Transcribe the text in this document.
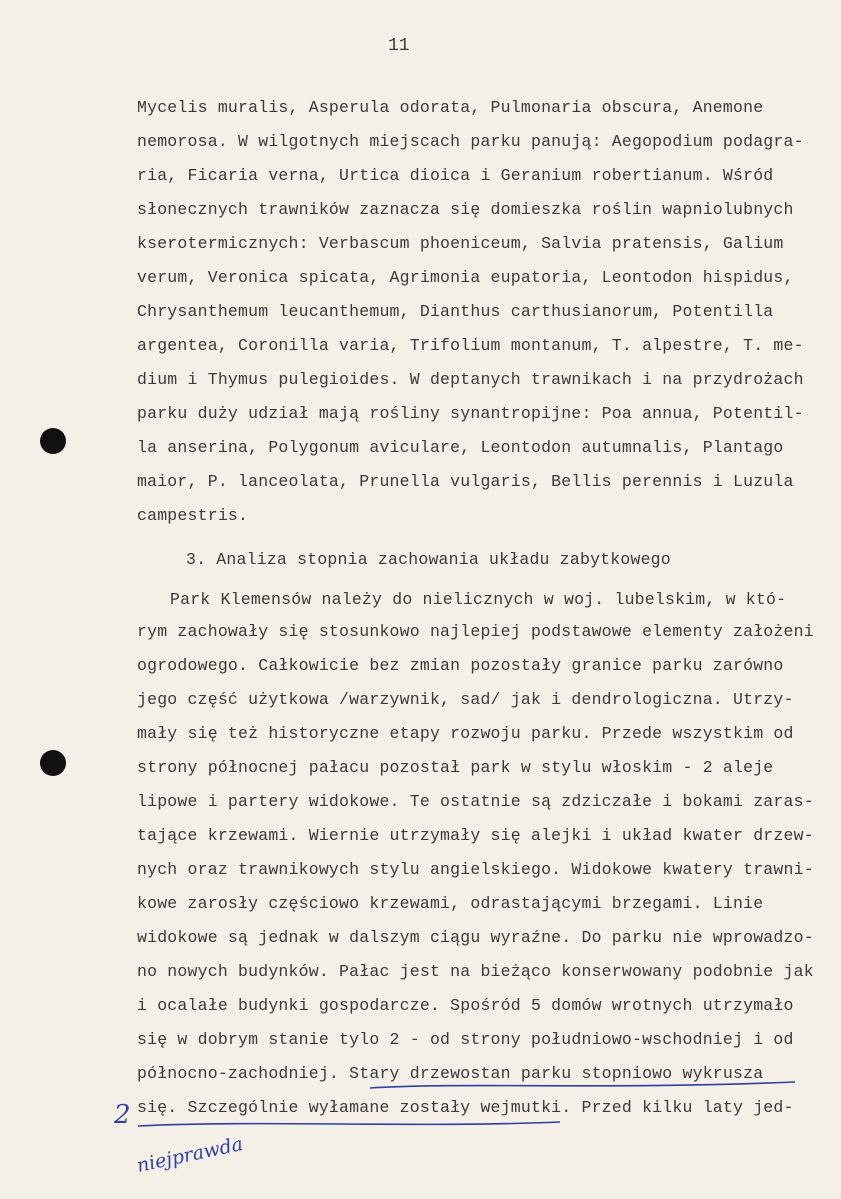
11
Mycelis muralis, Asperula odorata, Pulmonaria obscura, Anemone
nemorosa. W wilgotnych miejscach parku panują: Aegopodium podagra-
ria, Ficaria verna, Urtica dioica i Geranium robertianum. Wśród
słonecznych trawników zaznacza się domieszka roślin wapniolubnych
kserotermicznych: Verbascum phoeniceum, Salvia pratensis, Galium
verum, Veronica spicata, Agrimonia eupatoria, Leontodon hispidus,
Chrysanthemum leucanthemum, Dianthus carthusianorum, Potentilla
argentea, Coronilla varia, Trifolium montanum, T. alpestre, T. me-
dium i Thymus pulegioides. W deptanych trawnikach i na przydrożach
parku duży udział mają rośliny synantropijne: Poa annua, Potentil-
la anserina, Polygonum aviculare, Leontodon autumnalis, Plantago
maior, P. lanceolata, Prunella vulgaris, Bellis perennis i Luzula
campestris.
3. Analiza stopnia zachowania układu zabytkowego
Park Klemensów należy do nielicznych w woj. lubelskim, w któ-
rym zachowały się stosunkowo najlepiej podstawowe elementy założeni
ogrodowego. Całkowicie bez zmian pozostały granice parku zarówno
jego część użytkowa /warzywnik, sad/ jak i dendrologiczna. Utrzy-
mały się też historyczne etapy rozwoju parku. Przede wszystkim od
strony północnej pałacu pozostał park w stylu włoskim - 2 aleje
lipowe i partery widokowe. Te ostatnie są zdziczałe i bokami zaras-
tające krzewami. Wiernie utrzymały się alejki i układ kwater drzew-
nych oraz trawnikowych stylu angielskiego. Widokowe kwatery trawni-
kowe zarosły częściowo krzewami, odrastającymi brzegami. Linie
widokowe są jednak w dalszym ciągu wyraźne. Do parku nie wprowadzo-
no nowych budynków. Pałac jest na bieżąco konserwowany podobnie jak
i ocalałe budynki gospodarcze. Spośród 5 domów wrotnych utrzymało
się w dobrym stanie tylo 2 - od strony południowo-wschodniej i od
północno-zachodniej. Stary drzewostan parku stopniowo wykrusza
się. Szczególnie wyłamane zostały wejmutki. Przed kilku laty jed-
2
niejprawda
